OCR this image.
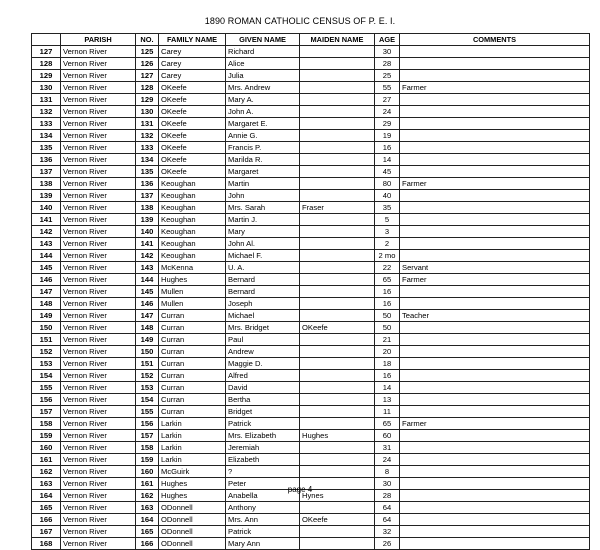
1890 ROMAN CATHOLIC CENSUS OF P. E. I.
	PARISH	NO.	FAMILY NAME	GIVEN NAME	MAIDEN NAME	AGE	COMMENTS
127	Vernon River	125	Carey	Richard		30	
128	Vernon River	126	Carey	Alice		28	
129	Vernon River	127	Carey	Julia		25	
130	Vernon River	128	OKeefe	Mrs. Andrew		55	Farmer
131	Vernon River	129	OKeefe	Mary A.		27	
132	Vernon River	130	OKeefe	John A.		24	
133	Vernon River	131	OKeefe	Margaret E.		29	
134	Vernon River	132	OKeefe	Annie G.		19	
135	Vernon River	133	OKeefe	Francis P.		16	
136	Vernon River	134	OKeefe	Marilda R.		14	
137	Vernon River	135	OKeefe	Margaret		45	
138	Vernon River	136	Keoughan	Martin		80	Farmer
139	Vernon River	137	Keoughan	John		40	
140	Vernon River	138	Keoughan	Mrs. Sarah	Fraser	35	
141	Vernon River	139	Keoughan	Martin J.		5	
142	Vernon River	140	Keoughan	Mary		3	
143	Vernon River	141	Keoughan	John Al.		2	
144	Vernon River	142	Keoughan	Michael F.		2 mo	
145	Vernon River	143	McKenna	U. A.		22	Servant
146	Vernon River	144	Hughes	Bernard		65	Farmer
147	Vernon River	145	Mullen	Bernard		16	
148	Vernon River	146	Mullen	Joseph		16	
149	Vernon River	147	Curran	Michael		50	Teacher
150	Vernon River	148	Curran	Mrs. Bridget	OKeefe	50	
151	Vernon River	149	Curran	Paul		21	
152	Vernon River	150	Curran	Andrew		20	
153	Vernon River	151	Curran	Maggie D.		18	
154	Vernon River	152	Curran	Alfred		16	
155	Vernon River	153	Curran	David		14	
156	Vernon River	154	Curran	Bertha		13	
157	Vernon River	155	Curran	Bridget		11	
158	Vernon River	156	Larkin	Patrick		65	Farmer
159	Vernon River	157	Larkin	Mrs. Elizabeth	Hughes	60	
160	Vernon River	158	Larkin	Jeremiah		31	
161	Vernon River	159	Larkin	Elizabeth		24	
162	Vernon River	160	McGuirk	?		8	
163	Vernon River	161	Hughes	Peter		30	
164	Vernon River	162	Hughes	Anabella	Hynes	28	
165	Vernon River	163	ODonnell	Anthony		64	
166	Vernon River	164	ODonnell	Mrs. Ann	OKeefe	64	
167	Vernon River	165	ODonnell	Patrick		32	
168	Vernon River	166	ODonnell	Mary Ann		26	
page 4
